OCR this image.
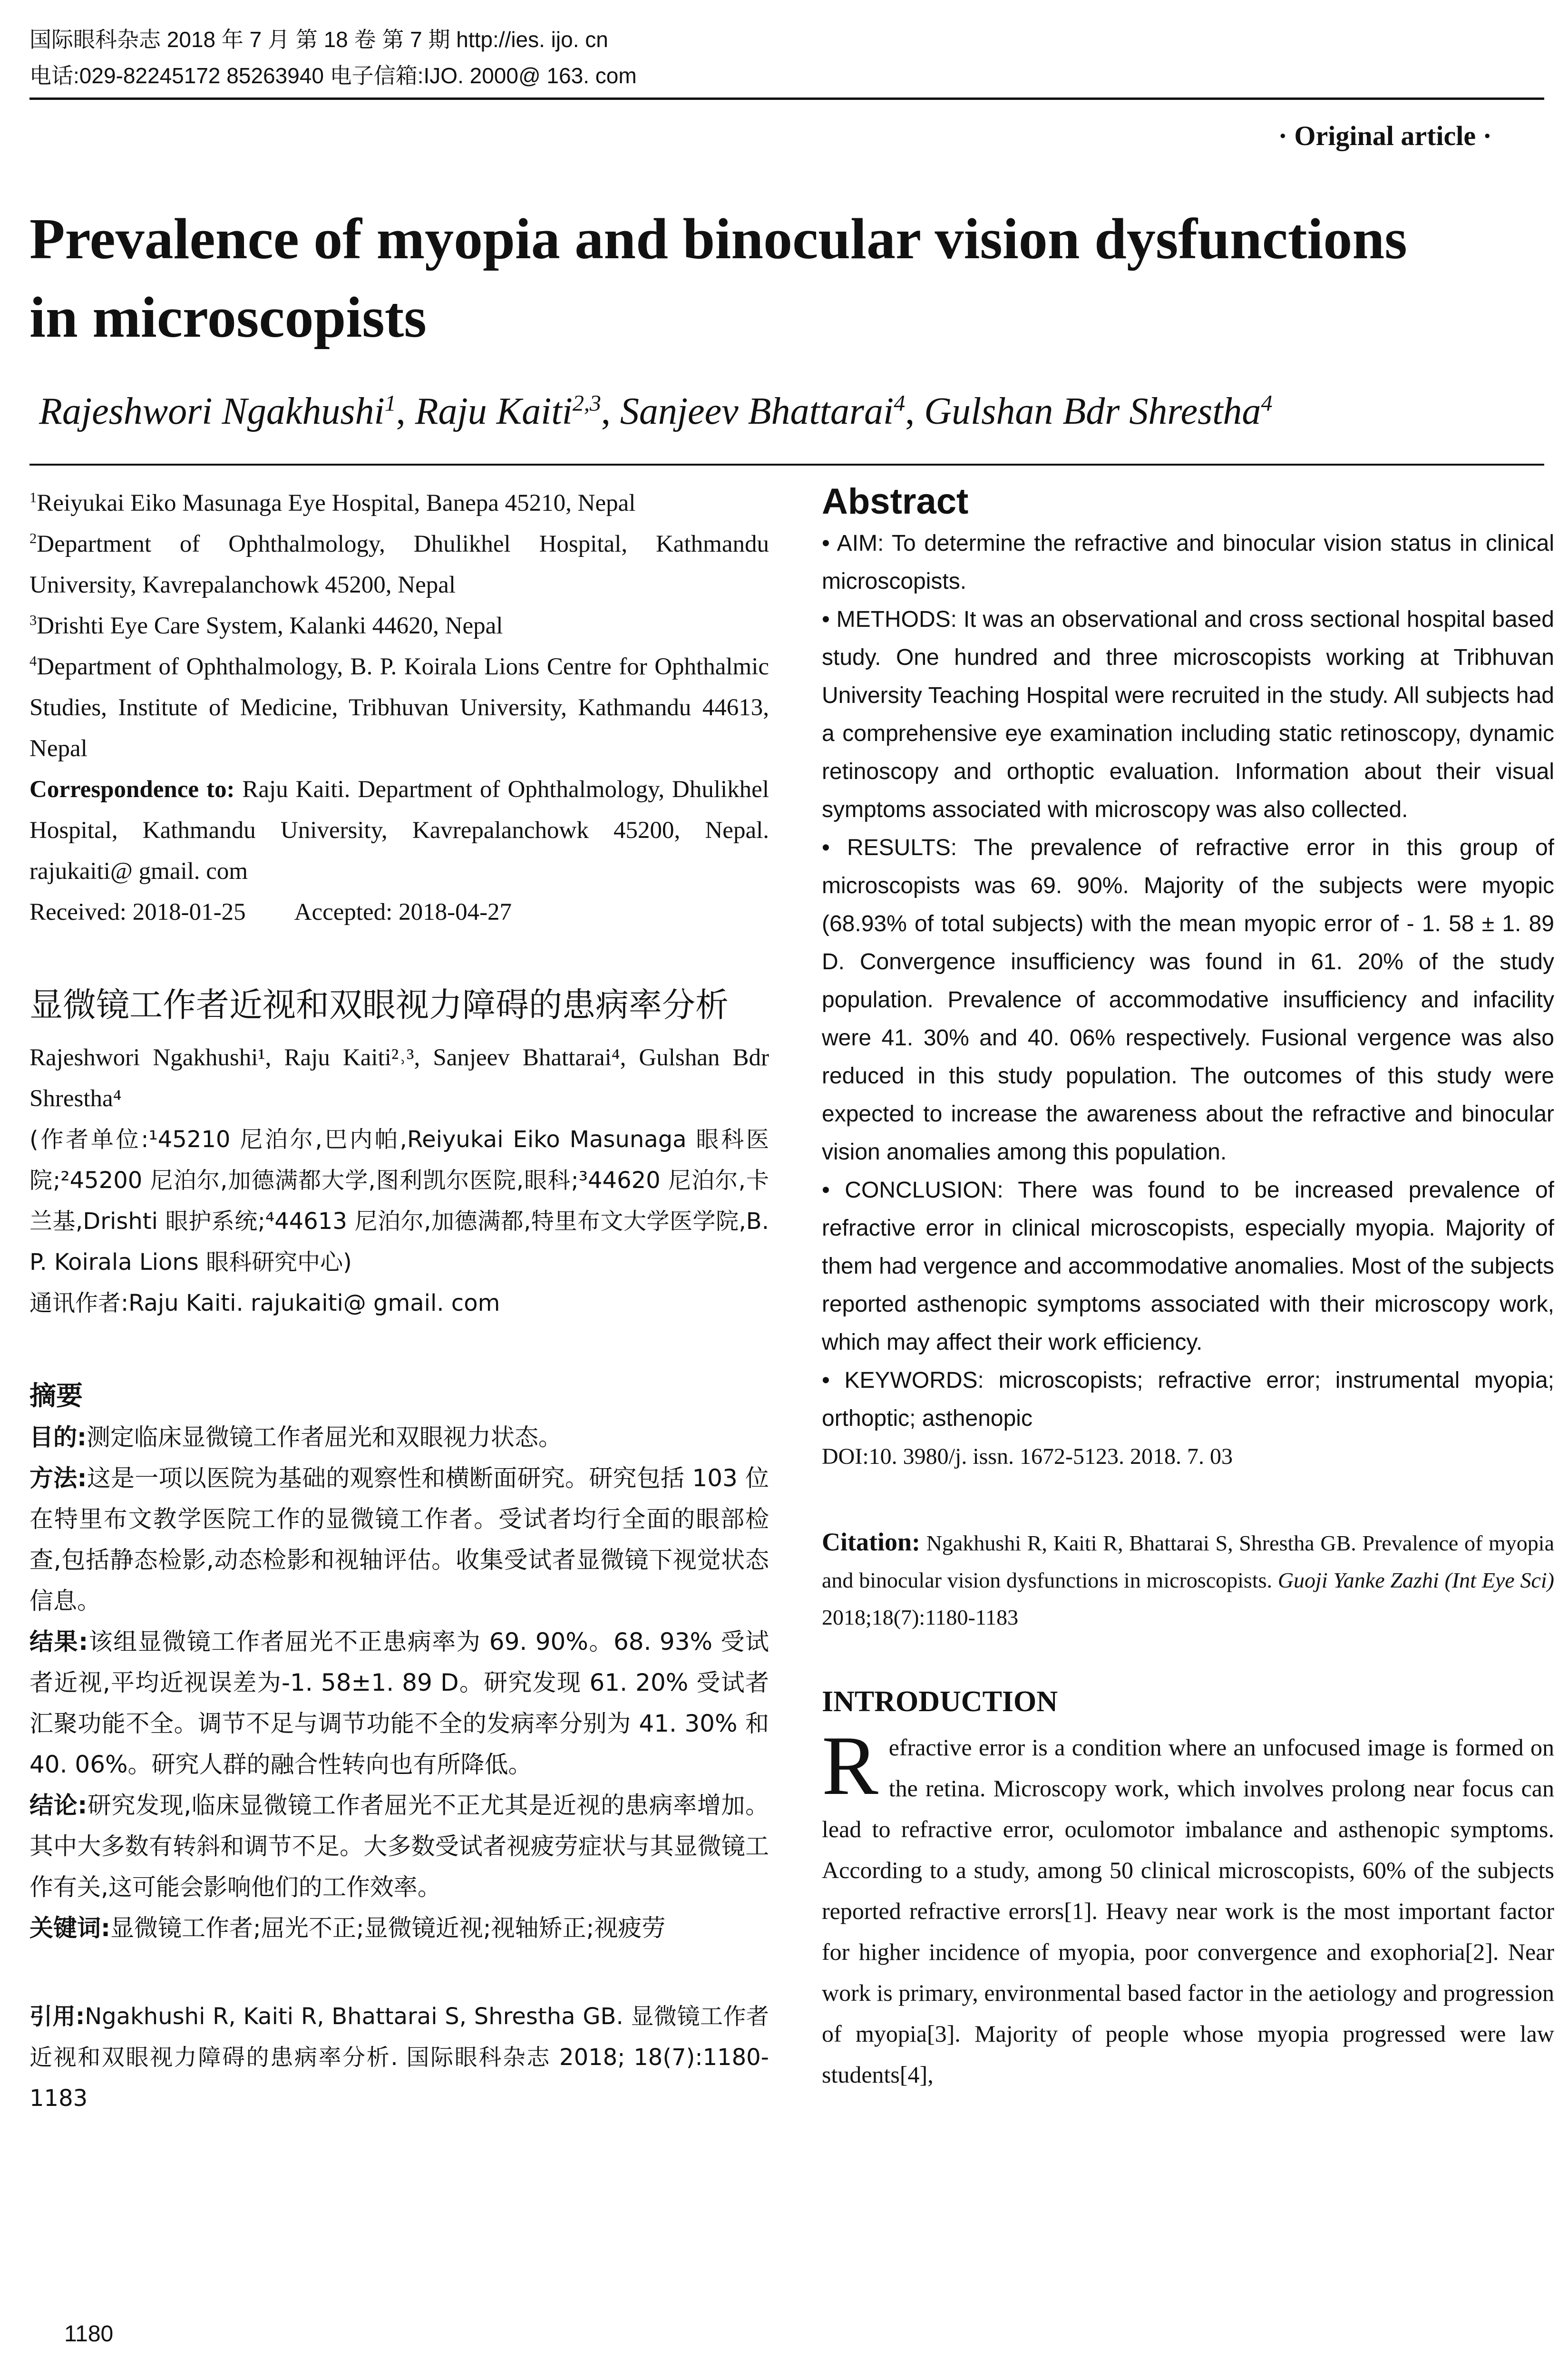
国际眼科杂志 2018 年 7 月 第 18 卷 第 7 期 http://ies. ijo. cn
电话:029-82245172 85263940 电子信箱:IJO. 2000@ 163. com
· Original article ·
Prevalence of myopia and binocular vision dysfunctions
in microscopists
Rajeshwori Ngakhushi$^1$, Raju Kaiti$^{2,3}$, Sanjeev Bhattarai$^4$, Gulshan Bdr Shrestha$^4$

$^1$Reiyukai Eiko Masunaga Eye Hospital, Banepa 45210, Nepal

$^2$Department of Ophthalmology, Dhulikhel Hospital, Kathmandu University, Kavrepalanchowk 45200, Nepal

$^3$Drishti Eye Care System, Kalanki 44620, Nepal

$^4$Department of Ophthalmology, B. P. Koirala Lions Centre for Ophthalmic Studies, Institute of Medicine, Tribhuvan University, Kathmandu 44613, Nepal

Correspondence to: Raju Kaiti. Department of Ophthalmology, Dhulikhel Hospital, Kathmandu University, Kavrepalanchowk 45200, Nepal. rajukaiti@ gmail. com

Received: 2018-01-25 Accepted: 2018-04-27

显微镜工作者近视和双眼视力障碍的患病率分析

Rajeshwori Ngakhushi¹, Raju Kaiti²˒³, Sanjeev Bhattarai⁴, Gulshan Bdr Shrestha⁴

(作者单位:¹45210 尼泊尔,巴内帕,Reiyukai Eiko Masunaga 眼科医院;²45200 尼泊尔,加德满都大学,图利凯尔医院,眼科;³44620 尼泊尔,卡兰基,Drishti 眼护系统;⁴44613 尼泊尔,加德满都,特里布文大学医学院,B. P. Koirala Lions 眼科研究中心)

通讯作者:Raju Kaiti. rajukaiti@ gmail. com

摘要

目的:测定临床显微镜工作者屈光和双眼视力状态。

方法:这是一项以医院为基础的观察性和横断面研究。研究包括 103 位在特里布文教学医院工作的显微镜工作者。受试者均行全面的眼部检查,包括静态检影,动态检影和视轴评估。收集受试者显微镜下视觉状态信息。

结果:该组显微镜工作者屈光不正患病率为 69. 90%。68. 93% 受试者近视,平均近视误差为-1. 58±1. 89 D。研究发现 61. 20% 受试者汇聚功能不全。调节不足与调节功能不全的发病率分别为 41. 30% 和 40. 06%。研究人群的融合性转向也有所降低。

结论:研究发现,临床显微镜工作者屈光不正尤其是近视的患病率增加。其中大多数有转斜和调节不足。大多数受试者视疲劳症状与其显微镜工作有关,这可能会影响他们的工作效率。

关键词:显微镜工作者;屈光不正;显微镜近视;视轴矫正;视疲劳

引用:Ngakhushi R, Kaiti R, Bhattarai S, Shrestha GB. 显微镜工作者近视和双眼视力障碍的患病率分析. 国际眼科杂志 2018; 18(7):1180-1183

Abstract

• AIM: To determine the refractive and binocular vision status in clinical microscopists.

• METHODS: It was an observational and cross sectional hospital based study. One hundred and three microscopists working at Tribhuvan University Teaching Hospital were recruited in the study. All subjects had a comprehensive eye examination including static retinoscopy, dynamic retinoscopy and orthoptic evaluation. Information about their visual symptoms associated with microscopy was also collected.

• RESULTS: The prevalence of refractive error in this group of microscopists was 69. 90%. Majority of the subjects were myopic (68.93% of total subjects) with the mean myopic error of - 1. 58 ± 1. 89 D. Convergence insufficiency was found in 61. 20% of the study population. Prevalence of accommodative insufficiency and infacility were 41. 30% and 40. 06% respectively. Fusional vergence was also reduced in this study population. The outcomes of this study were expected to increase the awareness about the refractive and binocular vision anomalies among this population.

• CONCLUSION: There was found to be increased prevalence of refractive error in clinical microscopists, especially myopia. Majority of them had vergence and accommodative anomalies. Most of the subjects reported asthenopic symptoms associated with their microscopy work, which may affect their work efficiency.

• KEYWORDS: microscopists; refractive error; instrumental myopia; orthoptic; asthenopic

DOI:10. 3980/j. issn. 1672-5123. 2018. 7. 03

Citation: Ngakhushi R, Kaiti R, Bhattarai S, Shrestha GB. Prevalence of myopia and binocular vision dysfunctions in microscopists. Guoji Yanke Zazhi (Int Eye Sci) 2018;18(7):1180-1183

INTRODUCTION

Refractive error is a condition where an unfocused image is formed on the retina. Microscopy work, which involves prolong near focus can lead to refractive error, oculomotor imbalance and asthenopic symptoms. According to a study, among 50 clinical microscopists, 60% of the subjects reported refractive errors[1]. Heavy near work is the most important factor for higher incidence of myopia, poor convergence and exophoria[2]. Near work is primary, environmental based factor in the aetiology and progression of myopia[3]. Majority of people whose myopia progressed were law students[4],

1180
